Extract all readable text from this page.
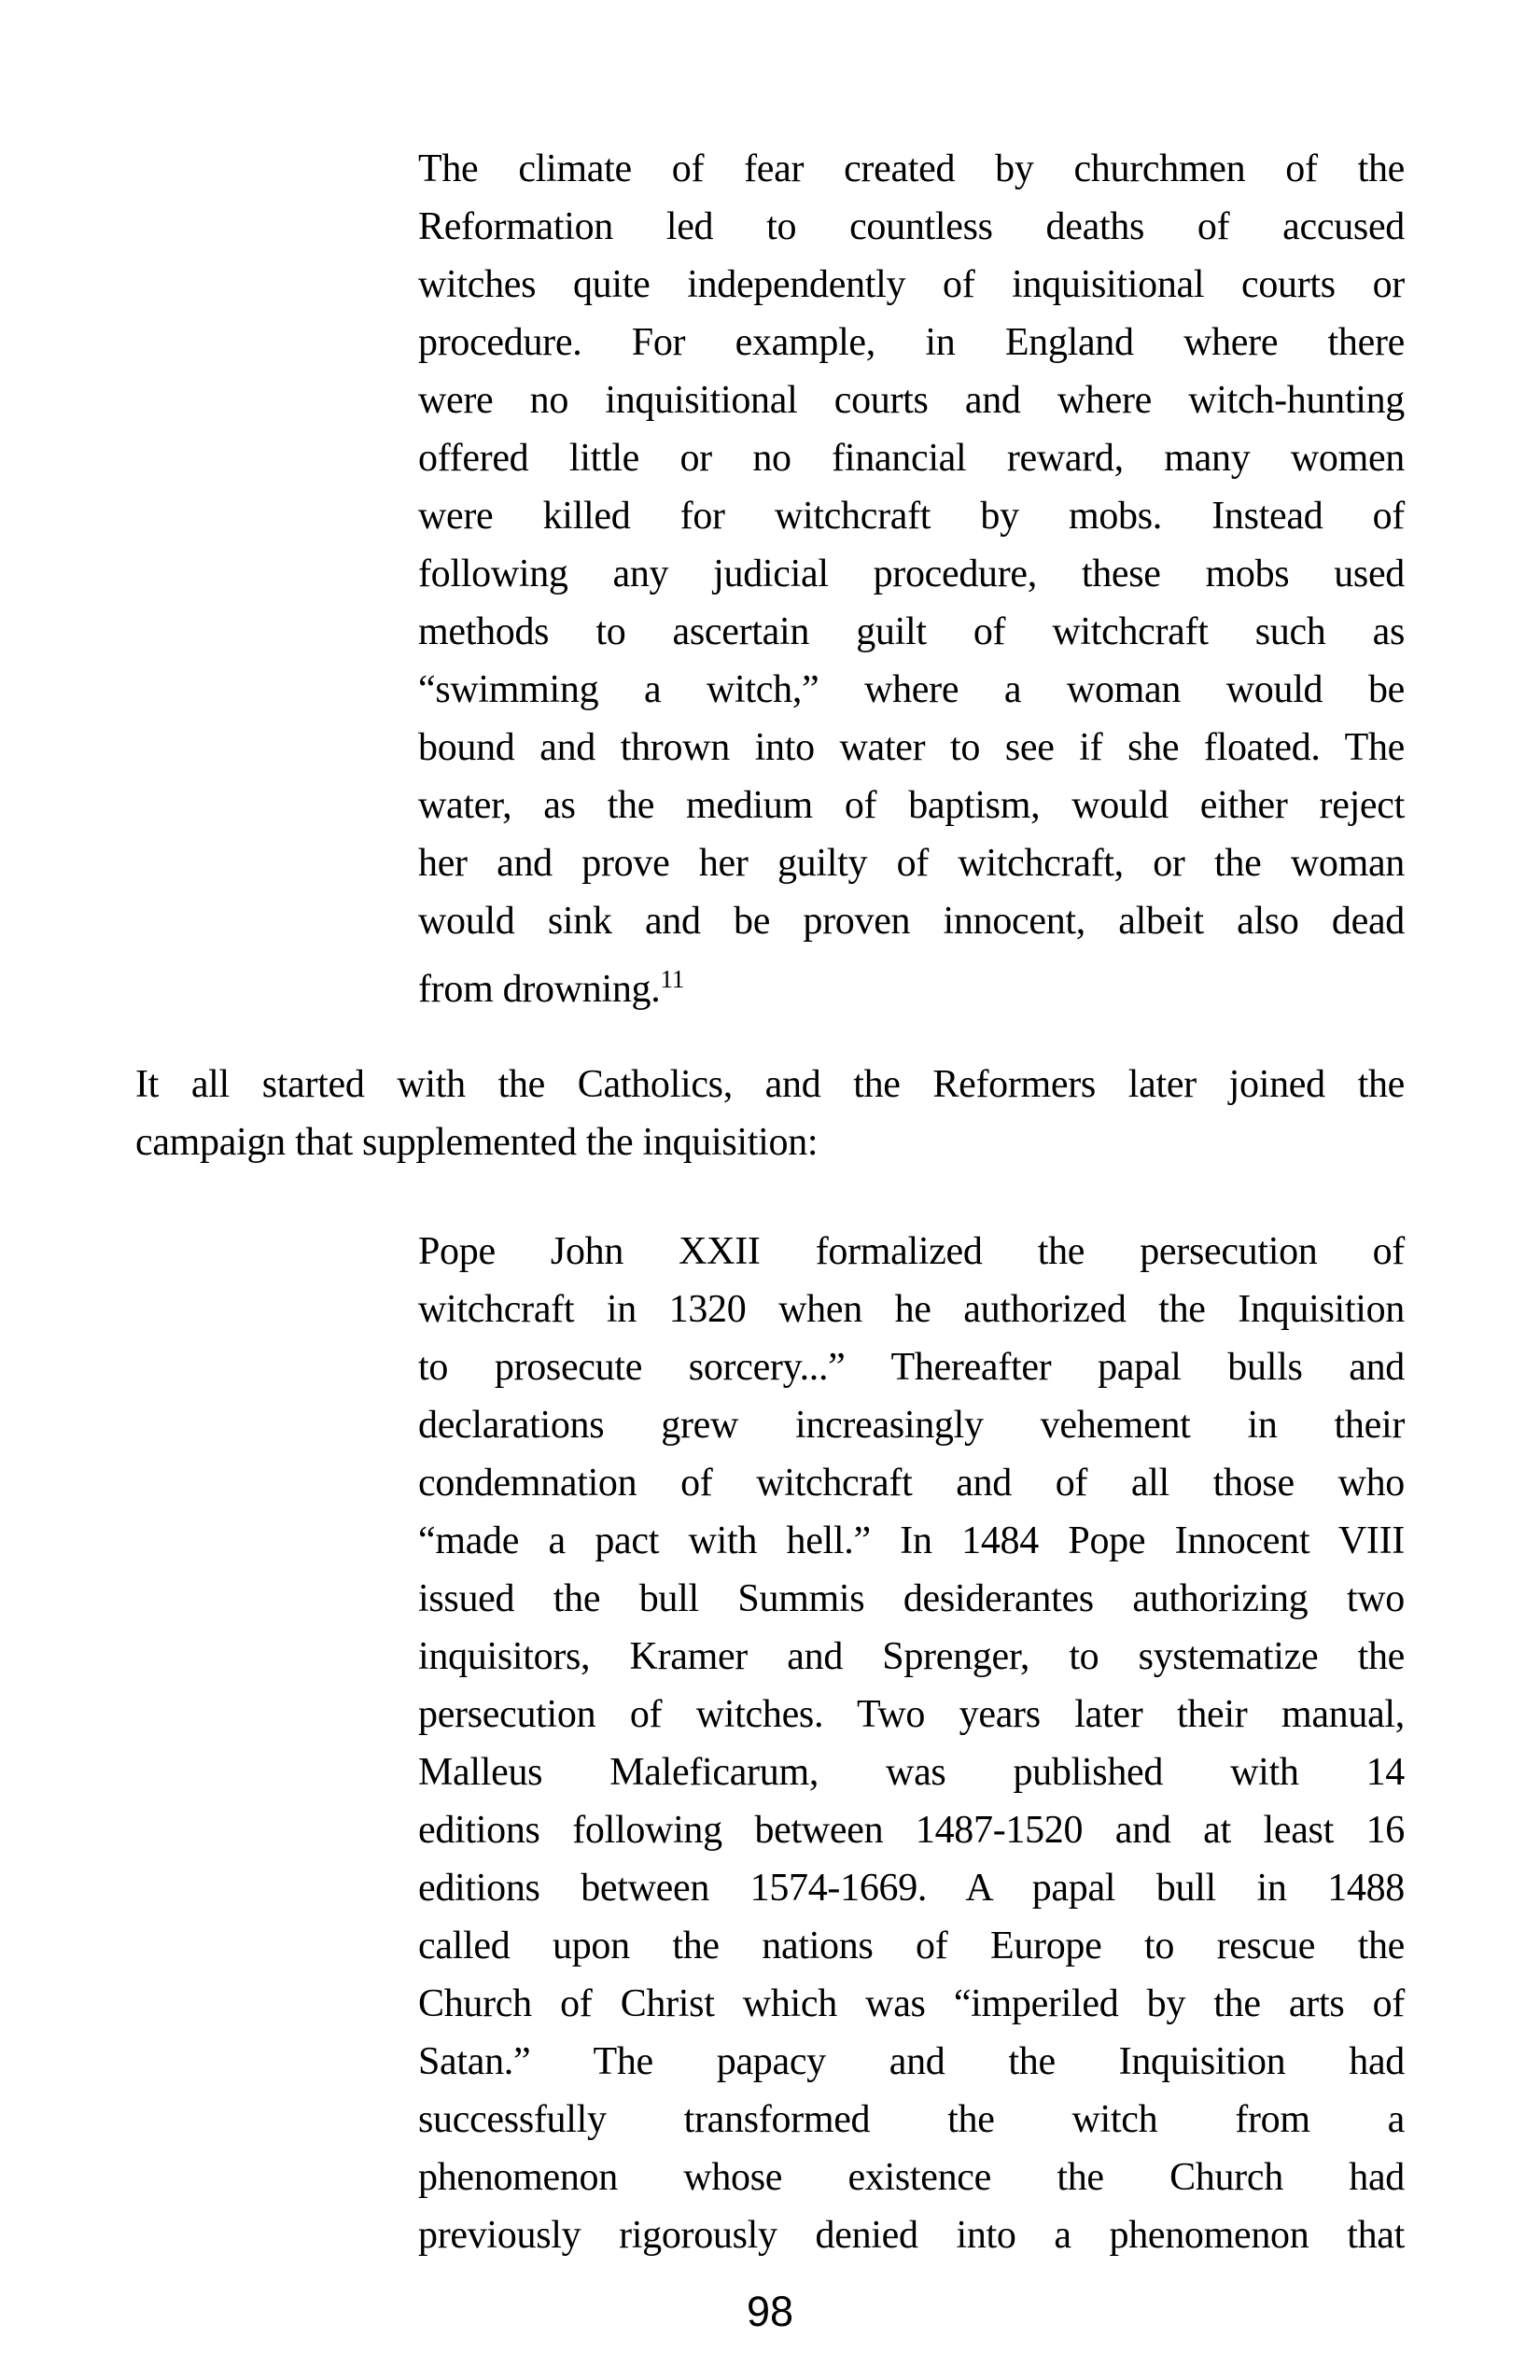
The climate of fear created by churchmen of the
Reformation led to countless deaths of accused
witches quite independently of inquisitional courts or
procedure. For example, in England where there
were no inquisitional courts and where witch-hunting
offered little or no financial reward, many women
were killed for witchcraft by mobs. Instead of
following any judicial procedure, these mobs used
methods to ascertain guilt of witchcraft such as
“swimming a witch,” where a woman would be
bound and thrown into water to see if she floated. The
water, as the medium of baptism, would either reject
her and prove her guilty of witchcraft, or the woman
would sink and be proven innocent, albeit also dead
from drowning.$^{11}$
It all started with the Catholics, and the Reformers later joined the
campaign that supplemented the inquisition:
Pope John XXII formalized the persecution of
witchcraft in 1320 when he authorized the Inquisition
to prosecute sorcery...” Thereafter papal bulls and
declarations grew increasingly vehement in their
condemnation of witchcraft and of all those who
“made a pact with hell.” In 1484 Pope Innocent VIII
issued the bull Summis desiderantes authorizing two
inquisitors, Kramer and Sprenger, to systematize the
persecution of witches. Two years later their manual,
Malleus Maleficarum, was published with 14
editions following between 1487-1520 and at least 16
editions between 1574-1669. A papal bull in 1488
called upon the nations of Europe to rescue the
Church of Christ which was “imperiled by the arts of
Satan.” The papacy and the Inquisition had
successfully transformed the witch from a
phenomenon whose existence the Church had
previously rigorously denied into a phenomenon that
98
